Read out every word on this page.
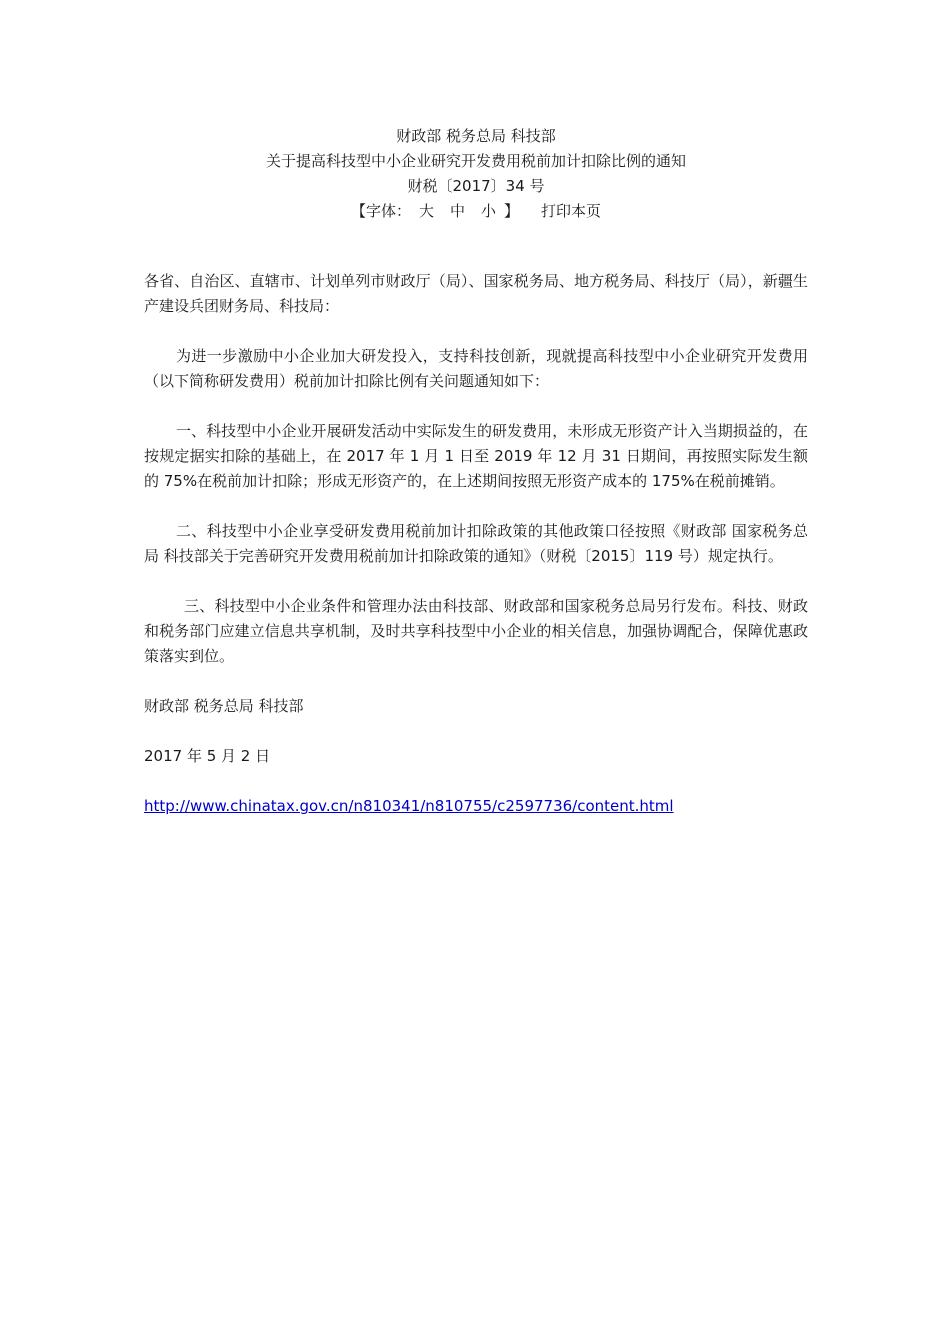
财政部 税务总局 科技部
关于提高科技型中小企业研究开发费用税前加计扣除比例的通知
财税〔2017〕34 号
【字体： 大 中 小 】 打印本页

各省、自治区、直辖市、计划单列市财政厅（局）、国家税务局、地方税务局、科技厅（局），新疆生产建设兵团财务局、科技局：

为进一步激励中小企业加大研发投入，支持科技创新，现就提高科技型中小企业研究开发费用（以下简称研发费用）税前加计扣除比例有关问题通知如下：

一、科技型中小企业开展研发活动中实际发生的研发费用，未形成无形资产计入当期损益的，在按规定据实扣除的基础上，在 2017 年 1 月 1 日至 2019 年 12 月 31 日期间，再按照实际发生额的 75%在税前加计扣除；形成无形资产的，在上述期间按照无形资产成本的 175%在税前摊销。

二、科技型中小企业享受研发费用税前加计扣除政策的其他政策口径按照《财政部 国家税务总局 科技部关于完善研究开发费用税前加计扣除政策的通知》（财税〔2015〕119 号）规定执行。

三、科技型中小企业条件和管理办法由科技部、财政部和国家税务总局另行发布。科技、财政和税务部门应建立信息共享机制，及时共享科技型中小企业的相关信息，加强协调配合，保障优惠政策落实到位。

财政部 税务总局 科技部

2017 年 5 月 2 日

http://www.chinatax.gov.cn/n810341/n810755/c2597736/content.html
